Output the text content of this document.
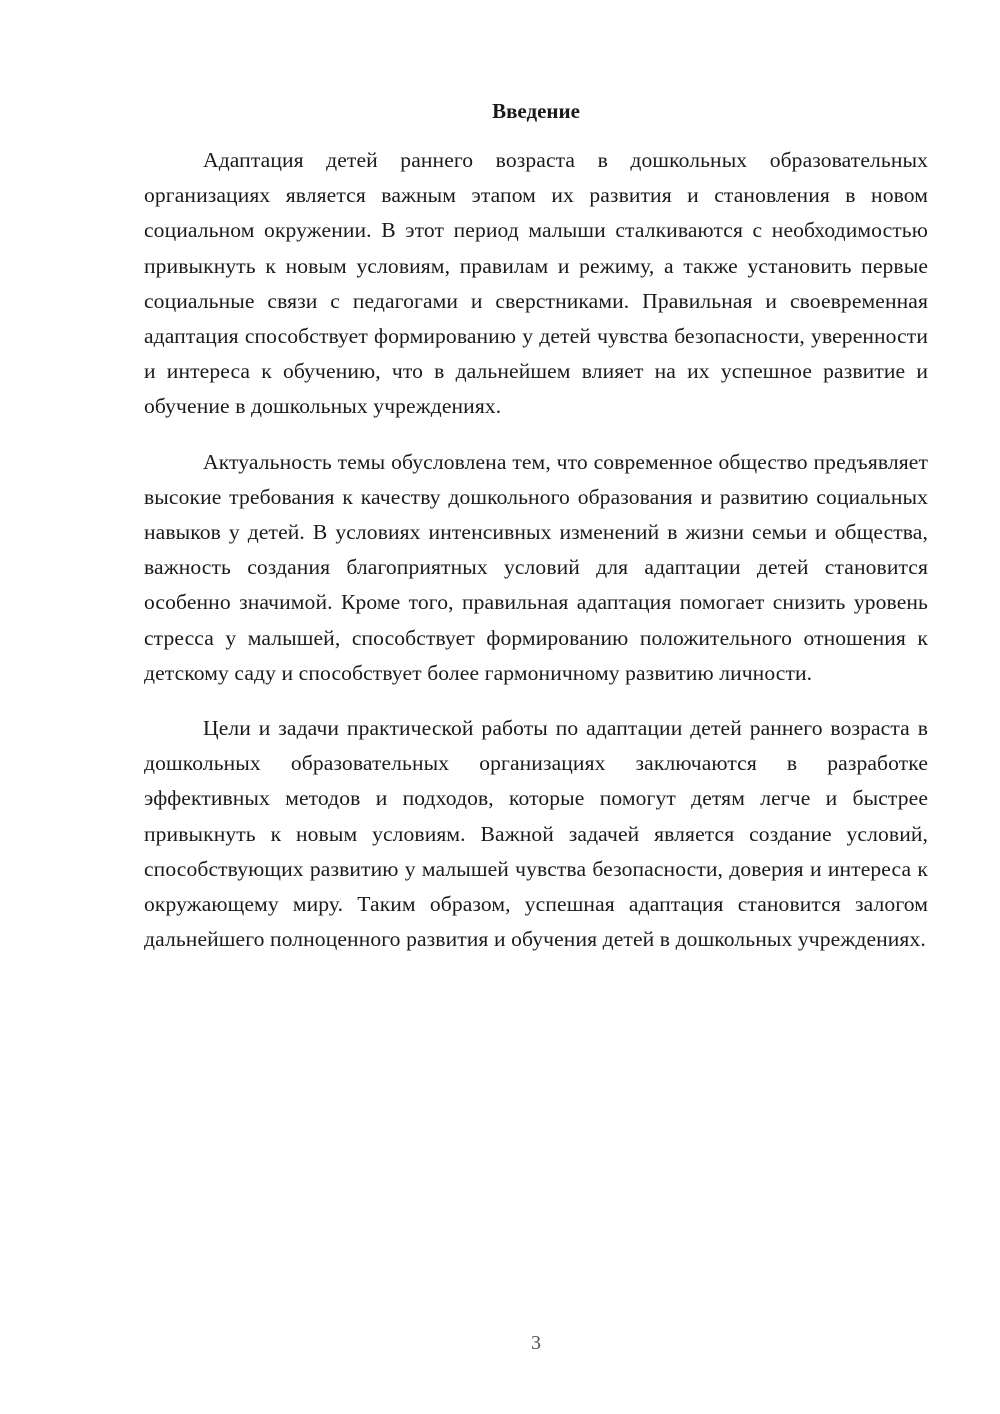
Введение

Адаптация детей раннего возраста в дошкольных образовательных организациях является важным этапом их развития и становления в новом социальном окружении. В этот период малыши сталкиваются с необходимостью привыкнуть к новым условиям, правилам и режиму, а также установить первые социальные связи с педагогами и сверстниками. Правильная и своевременная адаптация способствует формированию у детей чувства безопасности, уверенности и интереса к обучению, что в дальнейшем влияет на их успешное развитие и обучение в дошкольных учреждениях.

Актуальность темы обусловлена тем, что современное общество предъявляет высокие требования к качеству дошкольного образования и развитию социальных навыков у детей. В условиях интенсивных изменений в жизни семьи и общества, важность создания благоприятных условий для адаптации детей становится особенно значимой. Кроме того, правильная адаптация помогает снизить уровень стресса у малышей, способствует формированию положительного отношения к детскому саду и способствует более гармоничному развитию личности.

Цели и задачи практической работы по адаптации детей раннего возраста в дошкольных образовательных организациях заключаются в разработке эффективных методов и подходов, которые помогут детям легче и быстрее привыкнуть к новым условиям. Важной задачей является создание условий, способствующих развитию у малышей чувства безопасности, доверия и интереса к окружающему миру. Таким образом, успешная адаптация становится залогом дальнейшего полноценного развития и обучения детей в дошкольных учреждениях.

3
